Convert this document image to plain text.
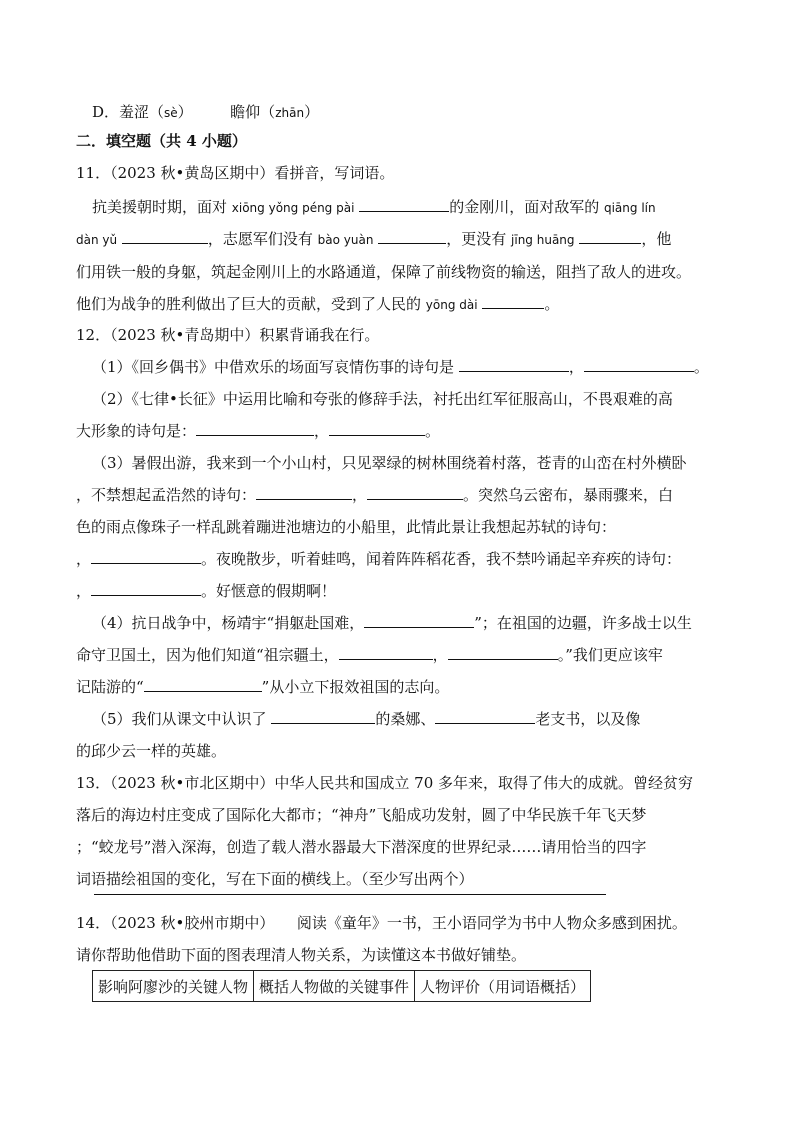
D．羞涩（sè）　　　瞻仰（zhān）
二．填空题（共 4 小题）
11．（2023 秋•黄岛区期中）看拼音，写词语。
抗美援朝时期，面对 xiōng yǒng péng pài	的金刚川，面对敌军的 qiāng lín
dàn yǔ	，志愿军们没有 bào yuàn	，更没有 jīng huāng	，他
们用铁一般的身躯，筑起金刚川上的水路通道，保障了前线物资的输送，阻挡了敌人的进攻。
他们为战争的胜利做出了巨大的贡献，受到了人民的 yōng dài	。
12．（2023 秋•青岛期中）积累背诵我在行。
（1）《回乡偶书》中借欢乐的场面写哀情伤事的诗句是	，	。
（2）《七律•长征》中运用比喻和夸张的修辞手法，衬托出红军征服高山，不畏艰难的高
大形象的诗句是：	，	。
（3）暑假出游，我来到一个小山村，只见翠绿的树林围绕着村落，苍青的山峦在村外横卧
，不禁想起孟浩然的诗句：	，	。突然乌云密布，暴雨骤来，白
色的雨点像珠子一样乱跳着蹦进池塘边的小船里，此情此景让我想起苏轼的诗句：
，	。夜晚散步，听着蛙鸣，闻着阵阵稻花香，我不禁吟诵起辛弃疾的诗句：
，	。好惬意的假期啊！
（4）抗日战争中，杨靖宇“捐躯赴国难，	”；在祖国的边疆，许多战士以生
命守卫国土，因为他们知道“祖宗疆土，	，	。”我们更应该牢
记陆游的“	”从小立下报效祖国的志向。
（5）我们从课文中认识了	的桑娜、	老支书，以及像
的邱少云一样的英雄。
13．（2023 秋•市北区期中）中华人民共和国成立 70 多年来，取得了伟大的成就。曾经贫穷
落后的海边村庄变成了国际化大都市；“神舟”飞船成功发射，圆了中华民族千年飞天梦
；“蛟龙号”潜入深海，创造了载人潜水器最大下潜深度的世界纪录……请用恰当的四字
词语描绘祖国的变化，写在下面的横线上。（至少写出两个）
14．（2023 秋•胶州市期中）　　阅读《童年》一书，王小语同学为书中人物众多感到困扰。
请你帮助他借助下面的图表理清人物关系，为读懂这本书做好铺垫。
影响阿廖沙的关键人物	概括人物做的关键事件	人物评价（用词语概括）
